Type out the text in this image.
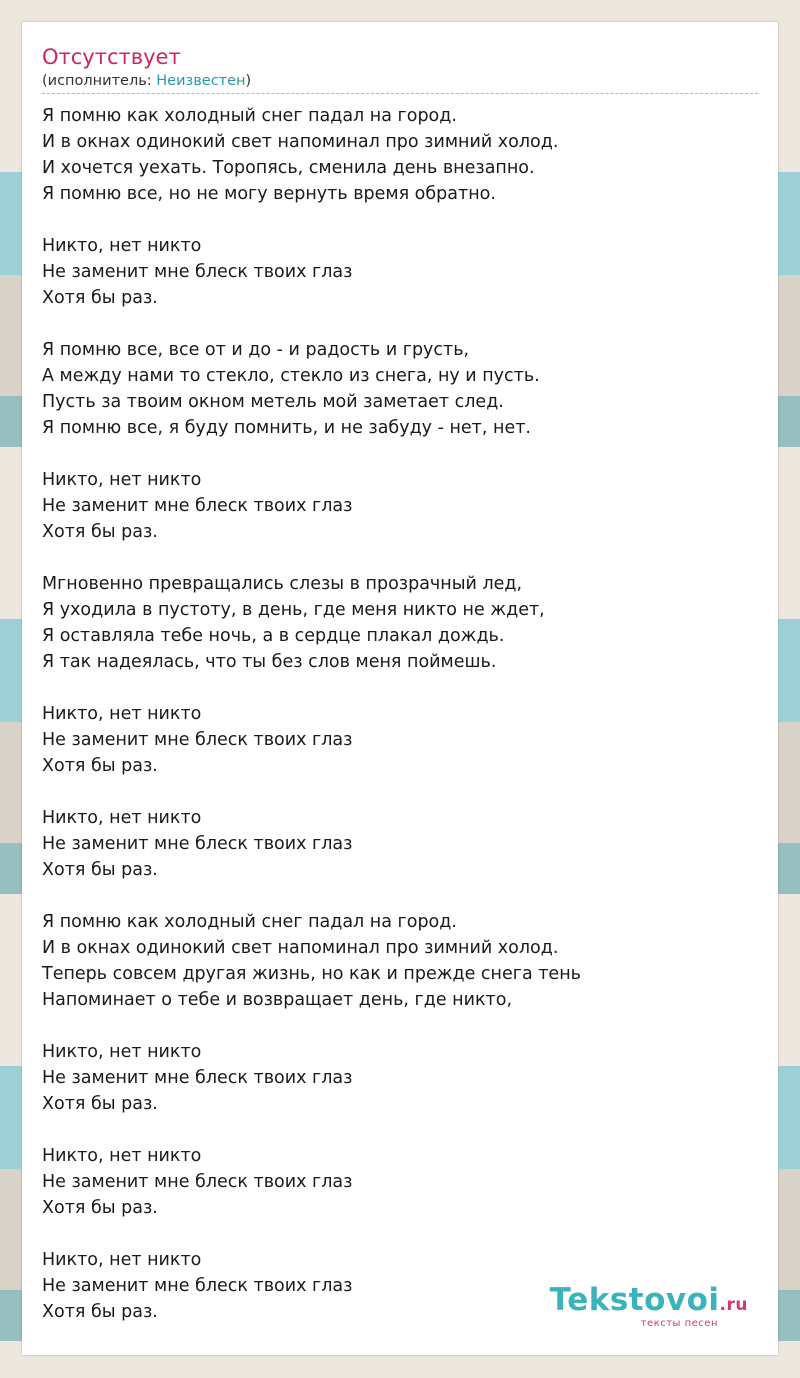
Отсутствует
(исполнитель: Неизвестен)
Я помню как холодный снег падал на город.
И в окнах одинокий свет напоминал про зимний холод.
И хочется уехать. Торопясь, сменила день внезапно.
Я помню все, но не могу вернуть время обратно.
Никто, нет никто
Не заменит мне блеск твоих глаз
Хотя бы раз.
Я помню все, все от и до - и радость и грусть,
А между нами то стекло, стекло из снега, ну и пусть.
Пусть за твоим окном метель мой заметает след.
Я помню все, я буду помнить, и не забуду - нет, нет.
Никто, нет никто
Не заменит мне блеск твоих глаз
Хотя бы раз.
Мгновенно превращались слезы в прозрачный лед,
Я уходила в пустоту, в день, где меня никто не ждет,
Я оставляла тебе ночь, а в сердце плакал дождь.
Я так надеялась, что ты без слов меня поймешь.
Никто, нет никто
Не заменит мне блеск твоих глаз
Хотя бы раз.
Никто, нет никто
Не заменит мне блеск твоих глаз
Хотя бы раз.
Я помню как холодный снег падал на город.
И в окнах одинокий свет напоминал про зимний холод.
Теперь совсем другая жизнь, но как и прежде снега тень
Напоминает о тебе и возвращает день, где никто,
Никто, нет никто
Не заменит мне блеск твоих глаз
Хотя бы раз.
Никто, нет никто
Не заменит мне блеск твоих глаз
Хотя бы раз.
Никто, нет никто
Не заменит мне блеск твоих глаз
Хотя бы раз.	Tekstovoi.ru
тексты песен
